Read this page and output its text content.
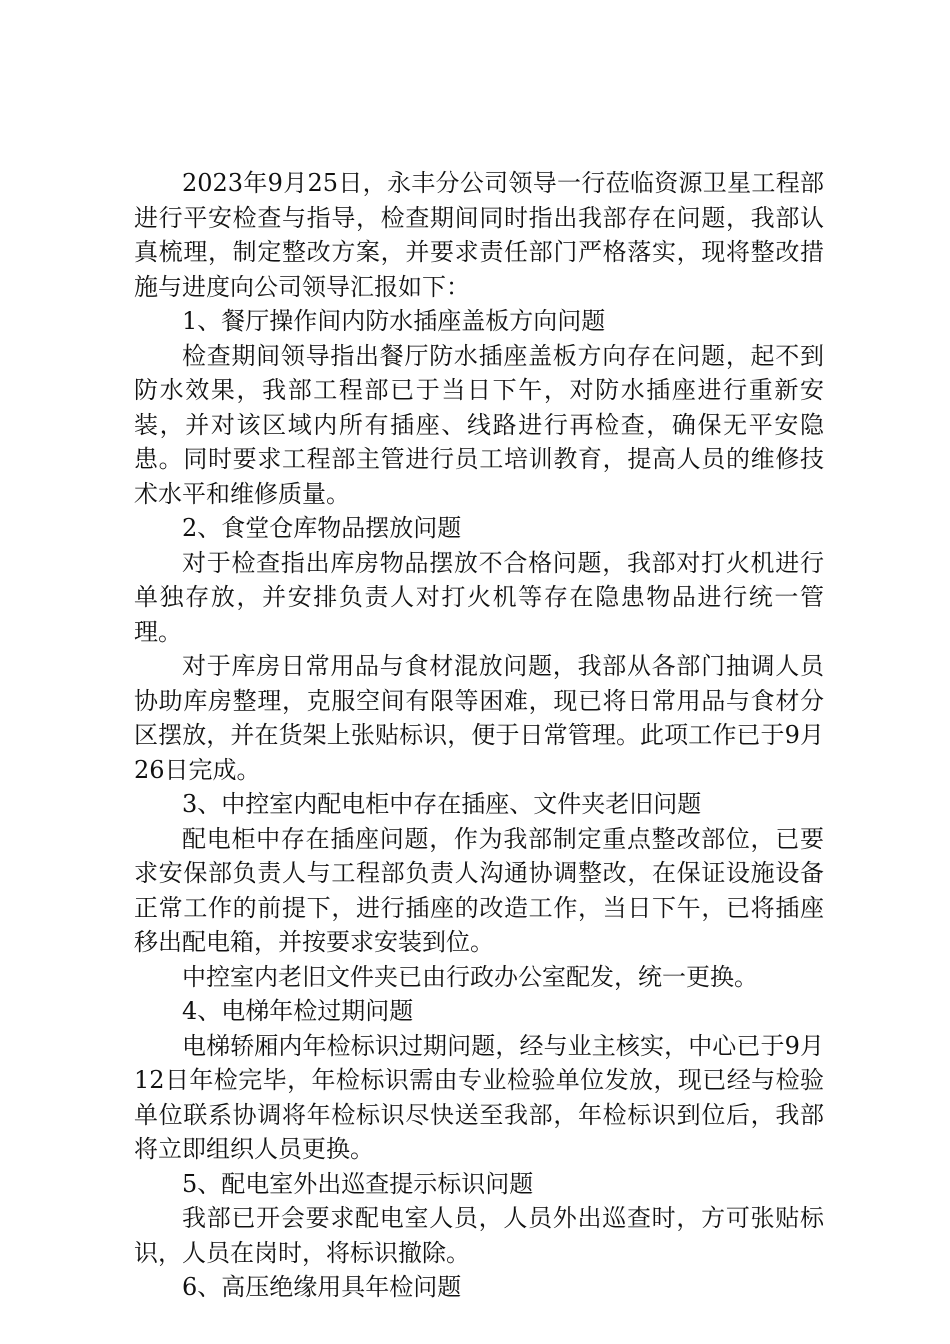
2023年9月25日，永丰分公司领导一行莅临资源卫星工程部进行平安检查与指导，检查期间同时指出我部存在问题，我部认真梳理，制定整改方案，并要求责任部门严格落实，现将整改措施与进度向公司领导汇报如下：

1、餐厅操作间内防水插座盖板方向问题

检查期间领导指出餐厅防水插座盖板方向存在问题，起不到防水效果，我部工程部已于当日下午，对防水插座进行重新安装，并对该区域内所有插座、线路进行再检查，确保无平安隐患。同时要求工程部主管进行员工培训教育，提高人员的维修技术水平和维修质量。

2、食堂仓库物品摆放问题

对于检查指出库房物品摆放不合格问题，我部对打火机进行单独存放，并安排负责人对打火机等存在隐患物品进行统一管理。

对于库房日常用品与食材混放问题，我部从各部门抽调人员协助库房整理，克服空间有限等困难，现已将日常用品与食材分区摆放，并在货架上张贴标识，便于日常管理。此项工作已于9月26日完成。

3、中控室内配电柜中存在插座、文件夹老旧问题

配电柜中存在插座问题，作为我部制定重点整改部位，已要求安保部负责人与工程部负责人沟通协调整改，在保证设施设备正常工作的前提下，进行插座的改造工作，当日下午，已将插座移出配电箱，并按要求安装到位。

中控室内老旧文件夹已由行政办公室配发，统一更换。

4、电梯年检过期问题

电梯轿厢内年检标识过期问题，经与业主核实，中心已于9月12日年检完毕，年检标识需由专业检验单位发放，现已经与检验单位联系协调将年检标识尽快送至我部，年检标识到位后，我部将立即组织人员更换。

5、配电室外出巡查提示标识问题

我部已开会要求配电室人员，人员外出巡查时，方可张贴标识，人员在岗时，将标识撤除。

6、高压绝缘用具年检问题
